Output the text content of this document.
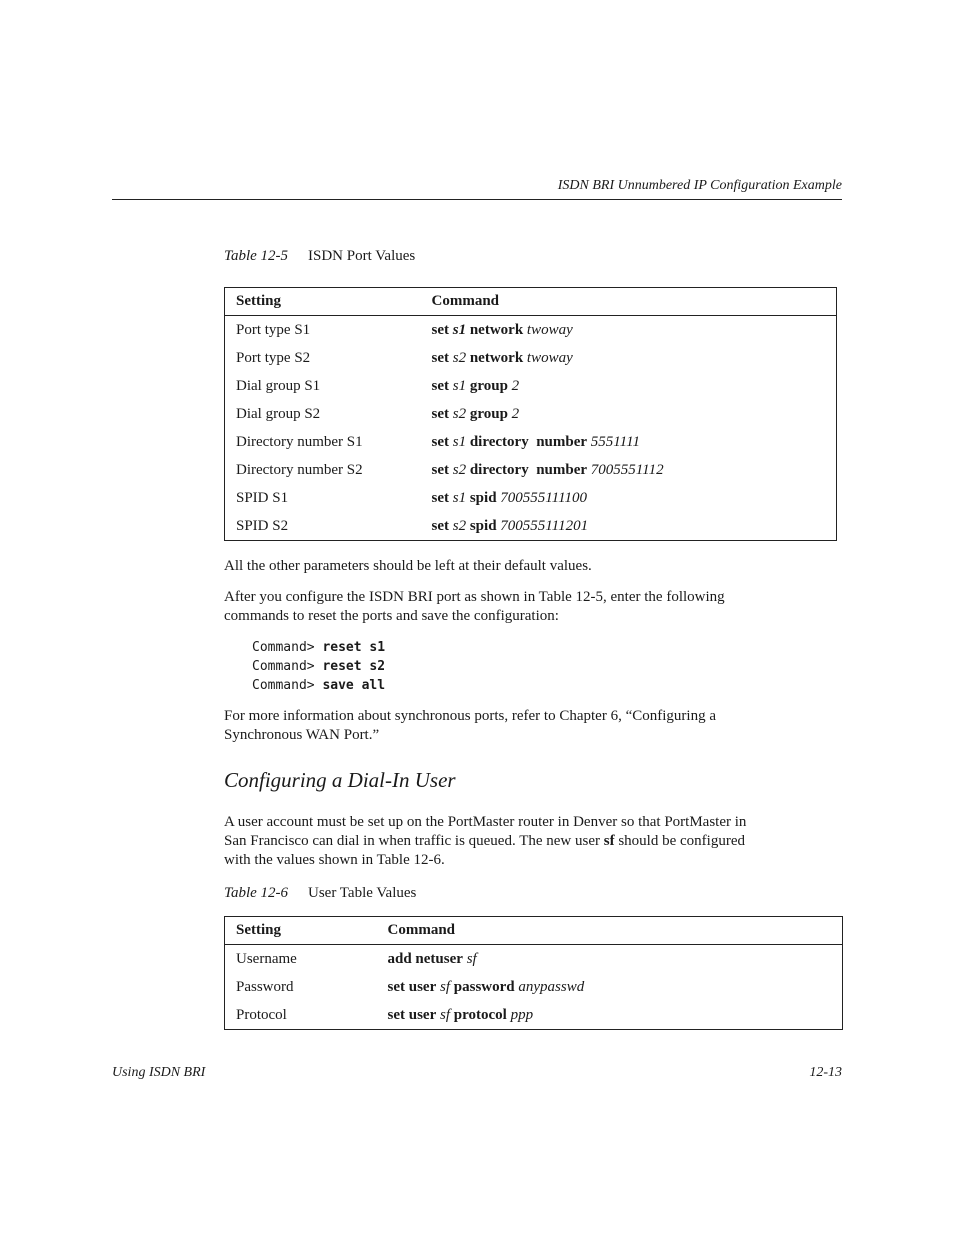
ISDN BRI Unnumbered IP Configuration Example
Table 12-5 ISDN Port Values
Setting	Command
Port type S1	set s1 network twoway
Port type S2	set s2 network twoway
Dial group S1	set s1 group 2
Dial group S2	set s2 group 2
Directory number S1	set s1 directory  number 5551111
Directory number S2	set s2 directory  number 7005551112
SPID S1	set s1 spid 700555111100
SPID S2	set s2 spid 700555111201

All the other parameters should be left at their default values.

After you configure the ISDN BRI port as shown in Table 12-5, enter the following

commands to reset the ports and save the configuration:

Command> reset s1
Command> reset s2
Command> save all

For more information about synchronous ports, refer to Chapter 6, “Configuring a

Synchronous WAN Port.”

Configuring a Dial-In User

A user account must be set up on the PortMaster router in Denver so that PortMaster in

San Francisco can dial in when traffic is queued. The new user sf should be configured

with the values shown in Table 12-6.

Table 12-6 User Table Values
Setting	Command
Username	add netuser sf
Password	set user sf password anypasswd
Protocol	set user sf protocol ppp
Using ISDN BRI	12-13
